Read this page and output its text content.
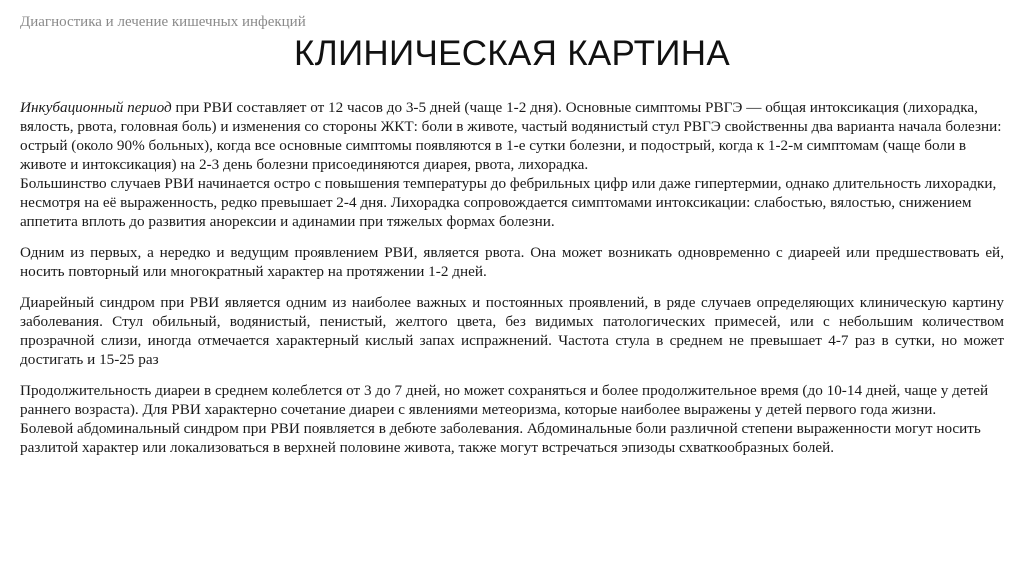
Диагностика и лечение кишечных инфекций
КЛИНИЧЕСКАЯ КАРТИНА

Инкубационный период при РВИ составляет от 12 часов до 3-5 дней (чаще 1-2 дня). Основные симптомы РВГЭ — общая интоксикация (лихорадка, вялость, рвота, головная боль) и изменения со стороны ЖКТ: боли в животе, частый водянистый стул РВГЭ свойственны два варианта начала болезни: острый (около 90% больных), когда все основные симптомы появляются в 1-е сутки болезни, и подострый, когда к 1-2-м симптомам (чаще боли в животе и интоксикация) на 2-3 день болезни присоединяются диарея, рвота, лихорадка.

Большинство случаев РВИ начинается остро с повышения температуры до фебрильных цифр или даже гипертермии, однако длительность лихорадки, несмотря на её выраженность, редко превышает 2-4 дня. Лихорадка сопровождается симптомами интоксикации: слабостью, вялостью, снижением аппетита вплоть до развития анорексии и адинамии при тяжелых формах болезни.

Одним из первых, а нередко и ведущим проявлением РВИ, является рвота. Она может возникать одновременно с диареей или предшествовать ей, носить повторный или многократный характер на протяжении 1-2 дней.

Диарейный синдром при РВИ является одним из наиболее важных и постоянных проявлений, в ряде случаев определяющих клиническую картину заболевания. Стул обильный, водянистый, пенистый, желтого цвета, без видимых патологических примесей, или с небольшим количеством прозрачной слизи, иногда отмечается характерный кислый запах испражнений. Частота стула в среднем не превышает 4-7 раз в сутки, но может достигать и 15-25 раз

Продолжительность диареи в среднем колеблется от 3 до 7 дней, но может сохраняться и более продолжительное время (до 10-14 дней, чаще у детей раннего возраста). Для РВИ характерно сочетание диареи с явлениями метеоризма, которые наиболее выражены у детей первого года жизни.

Болевой абдоминальный синдром при РВИ появляется в дебюте заболевания. Абдоминальные боли различной степени выраженности могут носить разлитой характер или локализоваться в верхней половине живота, также могут встречаться эпизоды схваткообразных болей.
